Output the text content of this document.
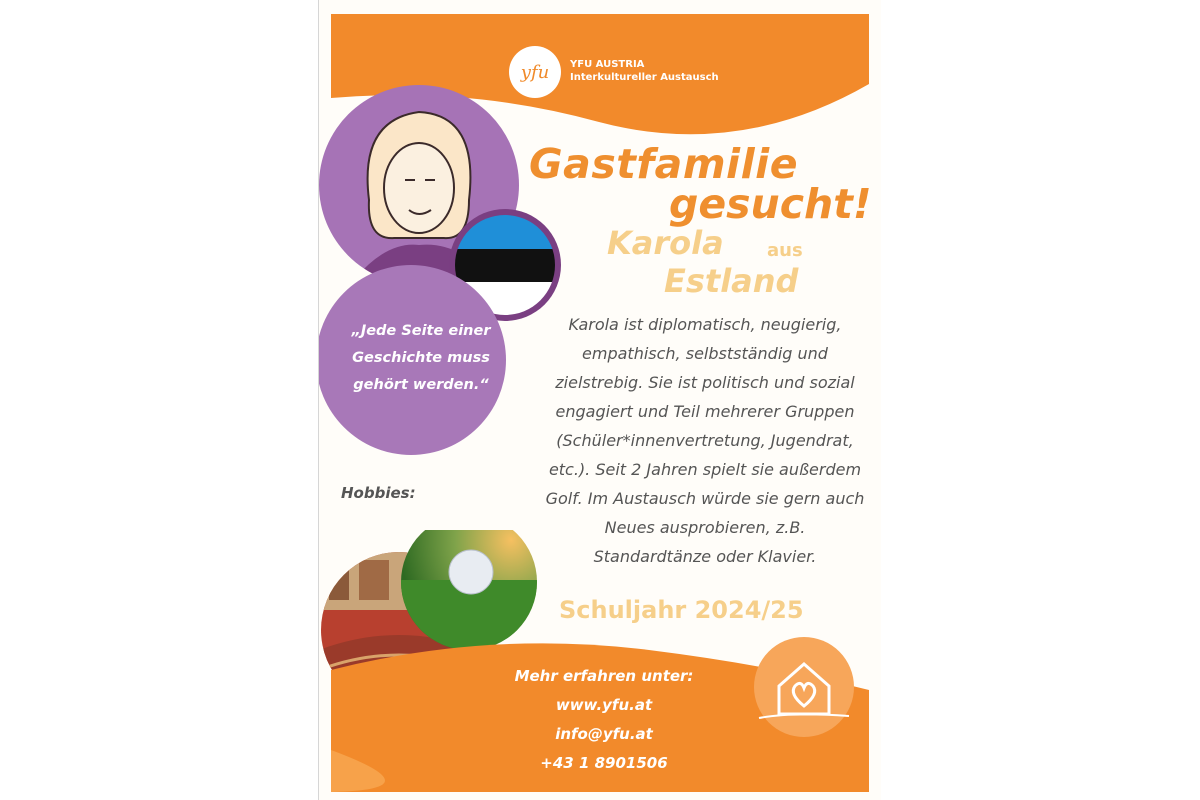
yfu YFU AUSTRIA
Interkultureller Austausch
„Jede Seite einer Geschichte muss gehört werden.“
Gastfamilie
gesucht!
Karola aus
Estland

Karola ist diplomatisch, neugierig, empathisch, selbstständig und zielstrebig. Sie ist politisch und sozial engagiert und Teil mehrerer Gruppen (Schüler*innenvertretung, Jugendrat, etc.). Seit 2 Jahren spielt sie außerdem Golf. Im Austausch würde sie gern auch Neues ausprobieren, z.B. Standardtänze oder Klavier.

Hobbies:
Schuljahr 2024/25
Mehr erfahren unter:
www.yfu.at
info@yfu.at
+43 1 8901506
